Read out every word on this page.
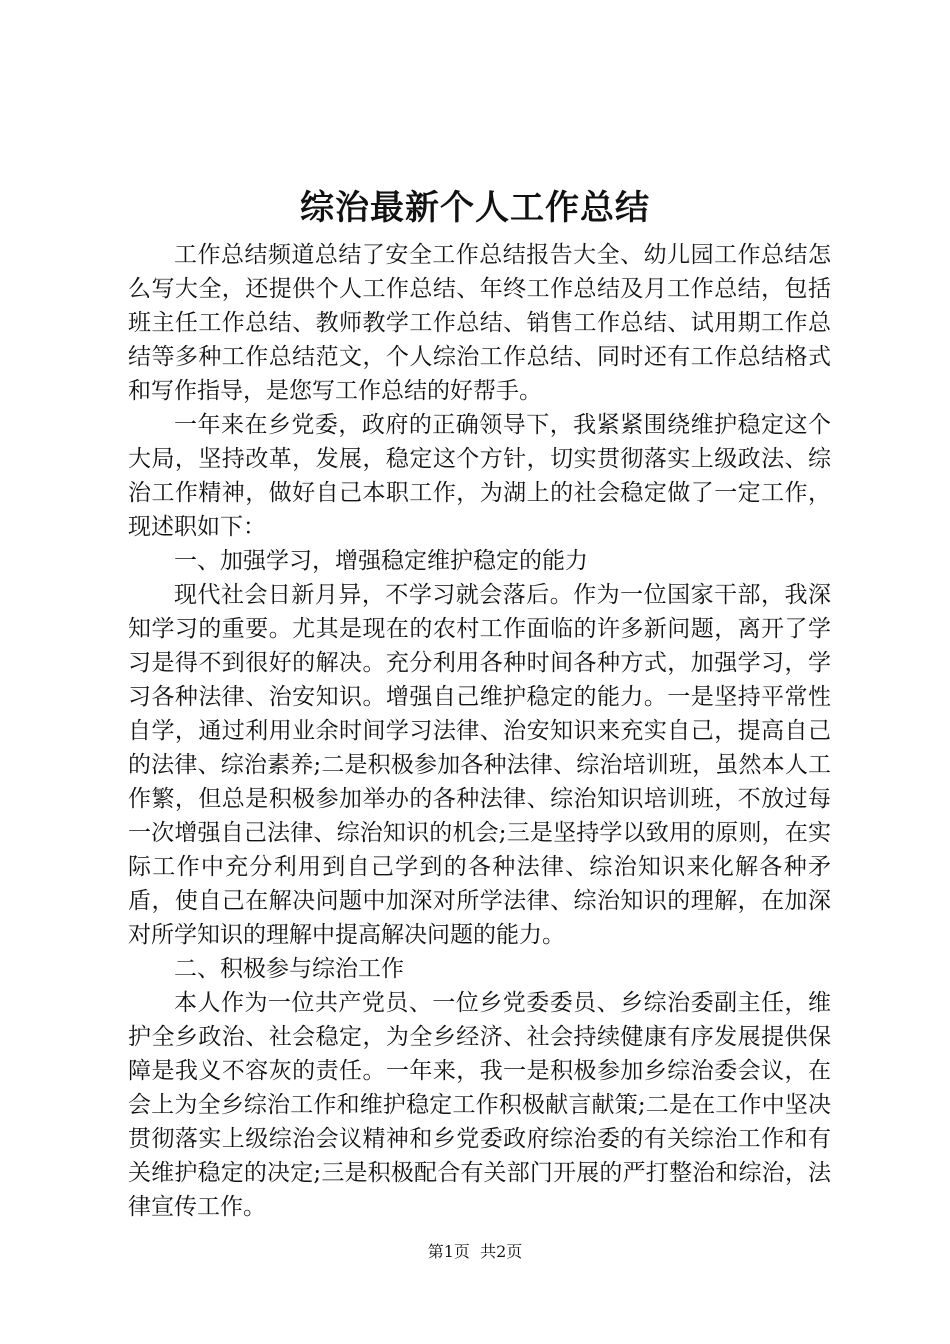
综治最新个人工作总结

工作总结频道总结了安全工作总结报告大全、幼儿园工作总结怎么写大全，还提供个人工作总结、年终工作总结及月工作总结，包括班主任工作总结、教师教学工作总结、销售工作总结、试用期工作总结等多种工作总结范文，个人综治工作总结、同时还有工作总结格式和写作指导，是您写工作总结的好帮手。

一年来在乡党委，政府的正确领导下，我紧紧围绕维护稳定这个大局，坚持改革，发展，稳定这个方针，切实贯彻落实上级政法、综治工作精神，做好自己本职工作，为湖上的社会稳定做了一定工作，现述职如下：

一、加强学习，增强稳定维护稳定的能力

现代社会日新月异，不学习就会落后。作为一位国家干部，我深知学习的重要。尤其是现在的农村工作面临的许多新问题，离开了学习是得不到很好的解决。充分利用各种时间各种方式，加强学习，学习各种法律、治安知识。增强自己维护稳定的能力。一是坚持平常性自学，通过利用业余时间学习法律、治安知识来充实自己，提高自己的法律、综治素养;二是积极参加各种法律、综治培训班，虽然本人工作繁，但总是积极参加举办的各种法律、综治知识培训班，不放过每一次增强自己法律、综治知识的机会;三是坚持学以致用的原则，在实际工作中充分利用到自己学到的各种法律、综治知识来化解各种矛盾，使自己在解决问题中加深对所学法律、综治知识的理解，在加深对所学知识的理解中提高解决问题的能力。

二、积极参与综治工作

本人作为一位共产党员、一位乡党委委员、乡综治委副主任，维护全乡政治、社会稳定，为全乡经济、社会持续健康有序发展提供保障是我义不容灰的责任。一年来，我一是积极参加乡综治委会议，在会上为全乡综治工作和维护稳定工作积极献言献策;二是在工作中坚决贯彻落实上级综治会议精神和乡党委政府综治委的有关综治工作和有关维护稳定的决定;三是积极配合有关部门开展的严打整治和综治，法律宣传工作。

第1页  共2页
